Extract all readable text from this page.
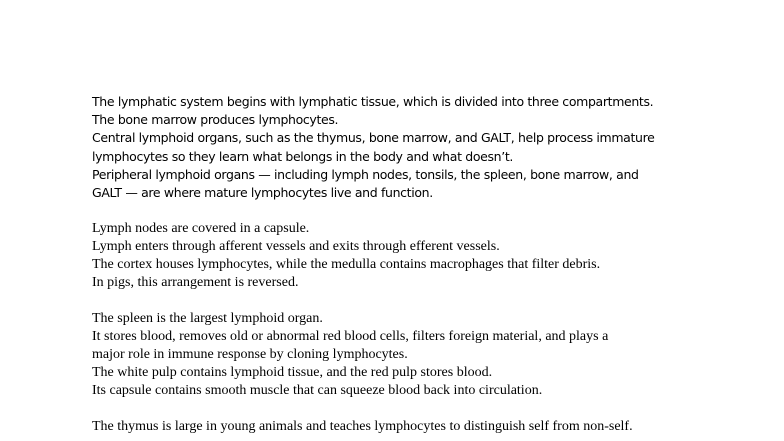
The lymphatic system begins with lymphatic tissue, which is divided into three compartments.

The bone marrow produces lymphocytes.

Central lymphoid organs, such as the thymus, bone marrow, and GALT, help process immature

lymphocytes so they learn what belongs in the body and what doesn’t.

Peripheral lymphoid organs — including lymph nodes, tonsils, the spleen, bone marrow, and

GALT — are where mature lymphocytes live and function.

Lymph nodes are covered in a capsule.

Lymph enters through afferent vessels and exits through efferent vessels.

The cortex houses lymphocytes, while the medulla contains macrophages that filter debris.

In pigs, this arrangement is reversed.

The spleen is the largest lymphoid organ.

It stores blood, removes old or abnormal red blood cells, filters foreign material, and plays a

major role in immune response by cloning lymphocytes.

The white pulp contains lymphoid tissue, and the red pulp stores blood.

Its capsule contains smooth muscle that can squeeze blood back into circulation.

The thymus is large in young animals and teaches lymphocytes to distinguish self from non-self.
